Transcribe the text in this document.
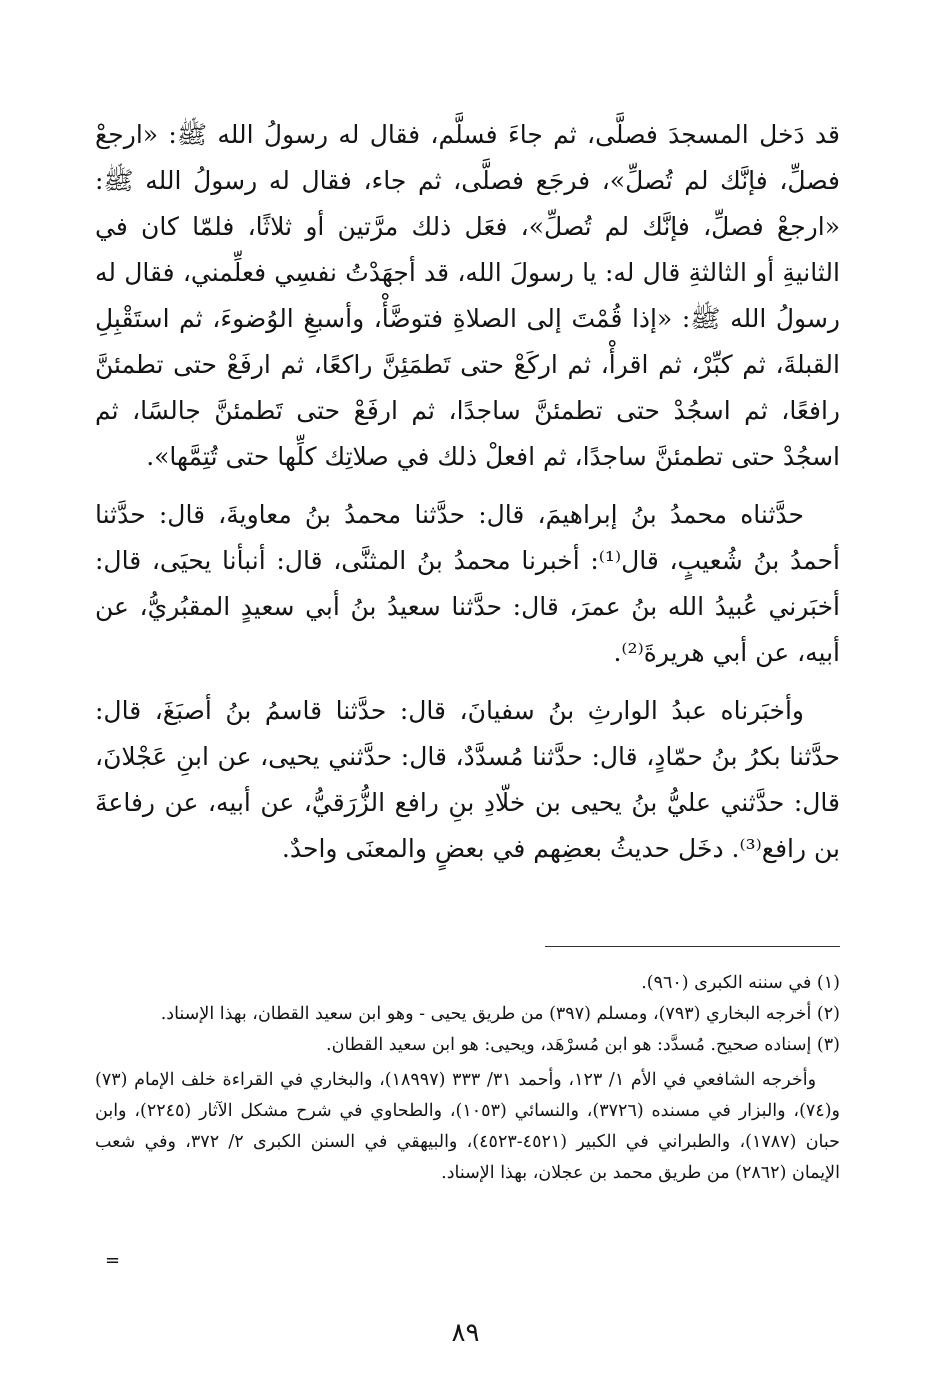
قد دَخل المسجدَ فصلَّى، ثم جاءَ فسلَّم، فقال له رسولُ الله ﷺ: «ارجعْ فصلِّ، فإنَّك لم تُصلِّ»، فرجَع فصلَّى، ثم جاء، فقال له رسولُ الله ﷺ: «ارجعْ فصلِّ، فإنَّك لم تُصلِّ»، فعَل ذلك مرَّتين أو ثلاثًا، فلمّا كان في الثانيةِ أو الثالثةِ قال له: يا رسولَ الله، قد أجهَدْتُ نفسِي فعلِّمني، فقال له رسولُ الله ﷺ: «إذا قُمْتَ إلى الصلاةِ فتوضَّأْ، وأسبغِ الوُضوءَ، ثم استَقْبِلِ القبلةَ، ثم كبِّرْ، ثم اقرأْ، ثم اركَعْ حتى تَطمَئِنَّ راكعًا، ثم ارفَعْ حتى تطمئنَّ رافعًا، ثم اسجُدْ حتى تطمئنَّ ساجدًا، ثم ارفَعْ حتى تَطمئنَّ جالسًا، ثم اسجُدْ حتى تطمئنَّ ساجدًا، ثم افعلْ ذلك في صلاتِك كلِّها حتى تُتِمَّها».

حدَّثناه محمدُ بنُ إبراهيمَ، قال: حدَّثنا محمدُ بنُ معاويةَ، قال: حدَّثنا أحمدُ بنُ شُعيبٍ، قال⁽¹⁾: أخبرنا محمدُ بنُ المثنَّى، قال: أنبأنا يحيَى، قال: أخبَرني عُبيدُ الله بنُ عمرَ، قال: حدَّثنا سعيدُ بنُ أبي سعيدٍ المقبُريُّ، عن أبيه، عن أبي هريرةَ⁽²⁾.

وأخبَرناه عبدُ الوارثِ بنُ سفيانَ، قال: حدَّثنا قاسمُ بنُ أصبَغَ، قال: حدَّثنا بكرُ بنُ حمّادٍ، قال: حدَّثنا مُسدَّدٌ، قال: حدَّثني يحيى، عن ابنِ عَجْلانَ، قال: حدَّثني عليُّ بنُ يحيى بن خلّادِ بنِ رافع الزُّرَقيُّ، عن أبيه، عن رفاعةَ بن رافع⁽³⁾. دخَل حديثُ بعضِهم في بعضٍ والمعنَى واحدٌ.

(١) في سننه الكبرى (٩٦٠).

(٢) أخرجه البخاري (٧٩٣)، ومسلم (٣٩٧) من طريق يحيى - وهو ابن سعيد القطان، بهذا الإسناد.

(٣) إسناده صحيح. مُسدَّد: هو ابن مُسرْهَد، ويحيى: هو ابن سعيد القطان.

وأخرجه الشافعي في الأم ١/ ١٢٣، وأحمد ٣١/ ٣٣٣ (١٨٩٩٧)، والبخاري في القراءة خلف الإمام (٧٣) و(٧٤)، والبزار في مسنده (٣٧٢٦)، والنسائي (١٠٥٣)، والطحاوي في شرح مشكل الآثار (٢٢٤٥)، وابن حبان (١٧٨٧)، والطبراني في الكبير (٤٥٢١-٤٥٢٣)، والبيهقي في السنن الكبرى ٢/ ٣٧٢، وفي شعب الإيمان (٢٨٦٢) من طريق محمد بن عجلان، بهذا الإسناد.

=
٨٩
